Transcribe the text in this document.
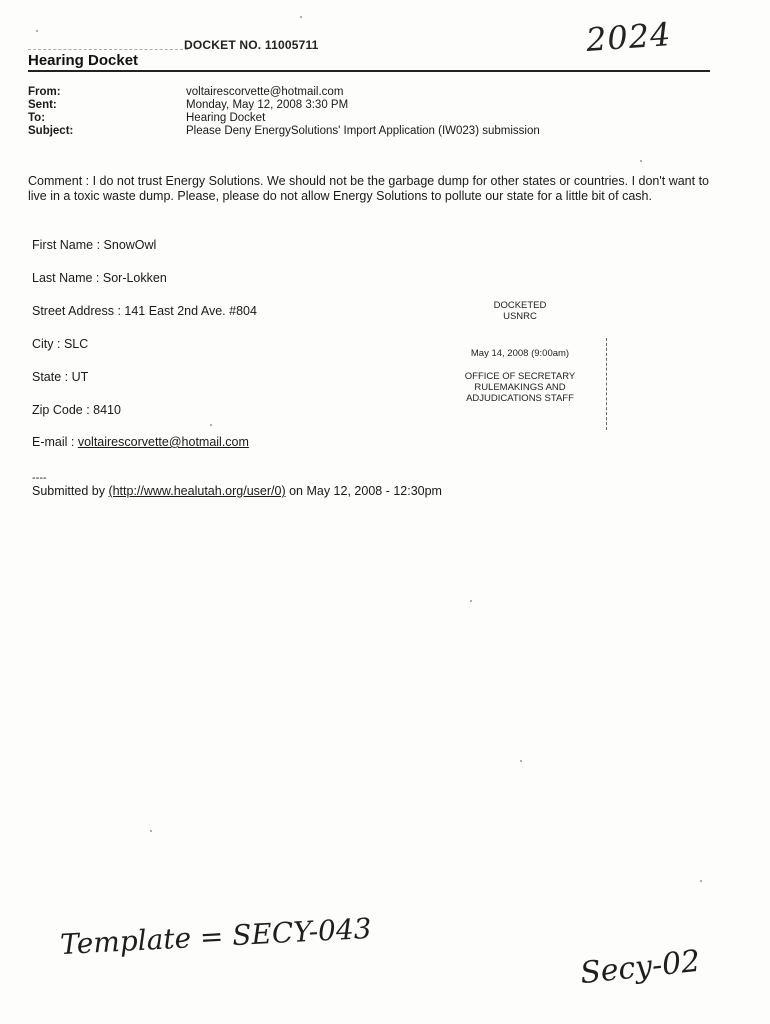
DOCKET NO. 11005711	2024
Hearing Docket
From:	voltairescorvette@hotmail.com
Sent:	Monday, May 12, 2008 3:30 PM
To:	Hearing Docket
Subject:	Please Deny EnergySolutions' Import Application (IW023) submission
Comment : I do not trust Energy Solutions. We should not be the garbage dump for other states or countries. I don't want to live in a toxic waste dump. Please, please do not allow Energy Solutions to pollute our state for a little bit of cash.
First Name : SnowOwl
Last Name : Sor-Lokken
Street Address : 141 East 2nd Ave. #804
City : SLC
State : UT
Zip Code : 8410
E-mail : voltairescorvette@hotmail.com
DOCKETED
USNRC
May 14, 2008 (9:00am)
OFFICE OF SECRETARY
RULEMAKINGS AND
ADJUDICATIONS STAFF
----
Submitted by (http://www.healutah.org/user/0) on May 12, 2008 - 12:30pm
Template = SECY-043
Secy-02
